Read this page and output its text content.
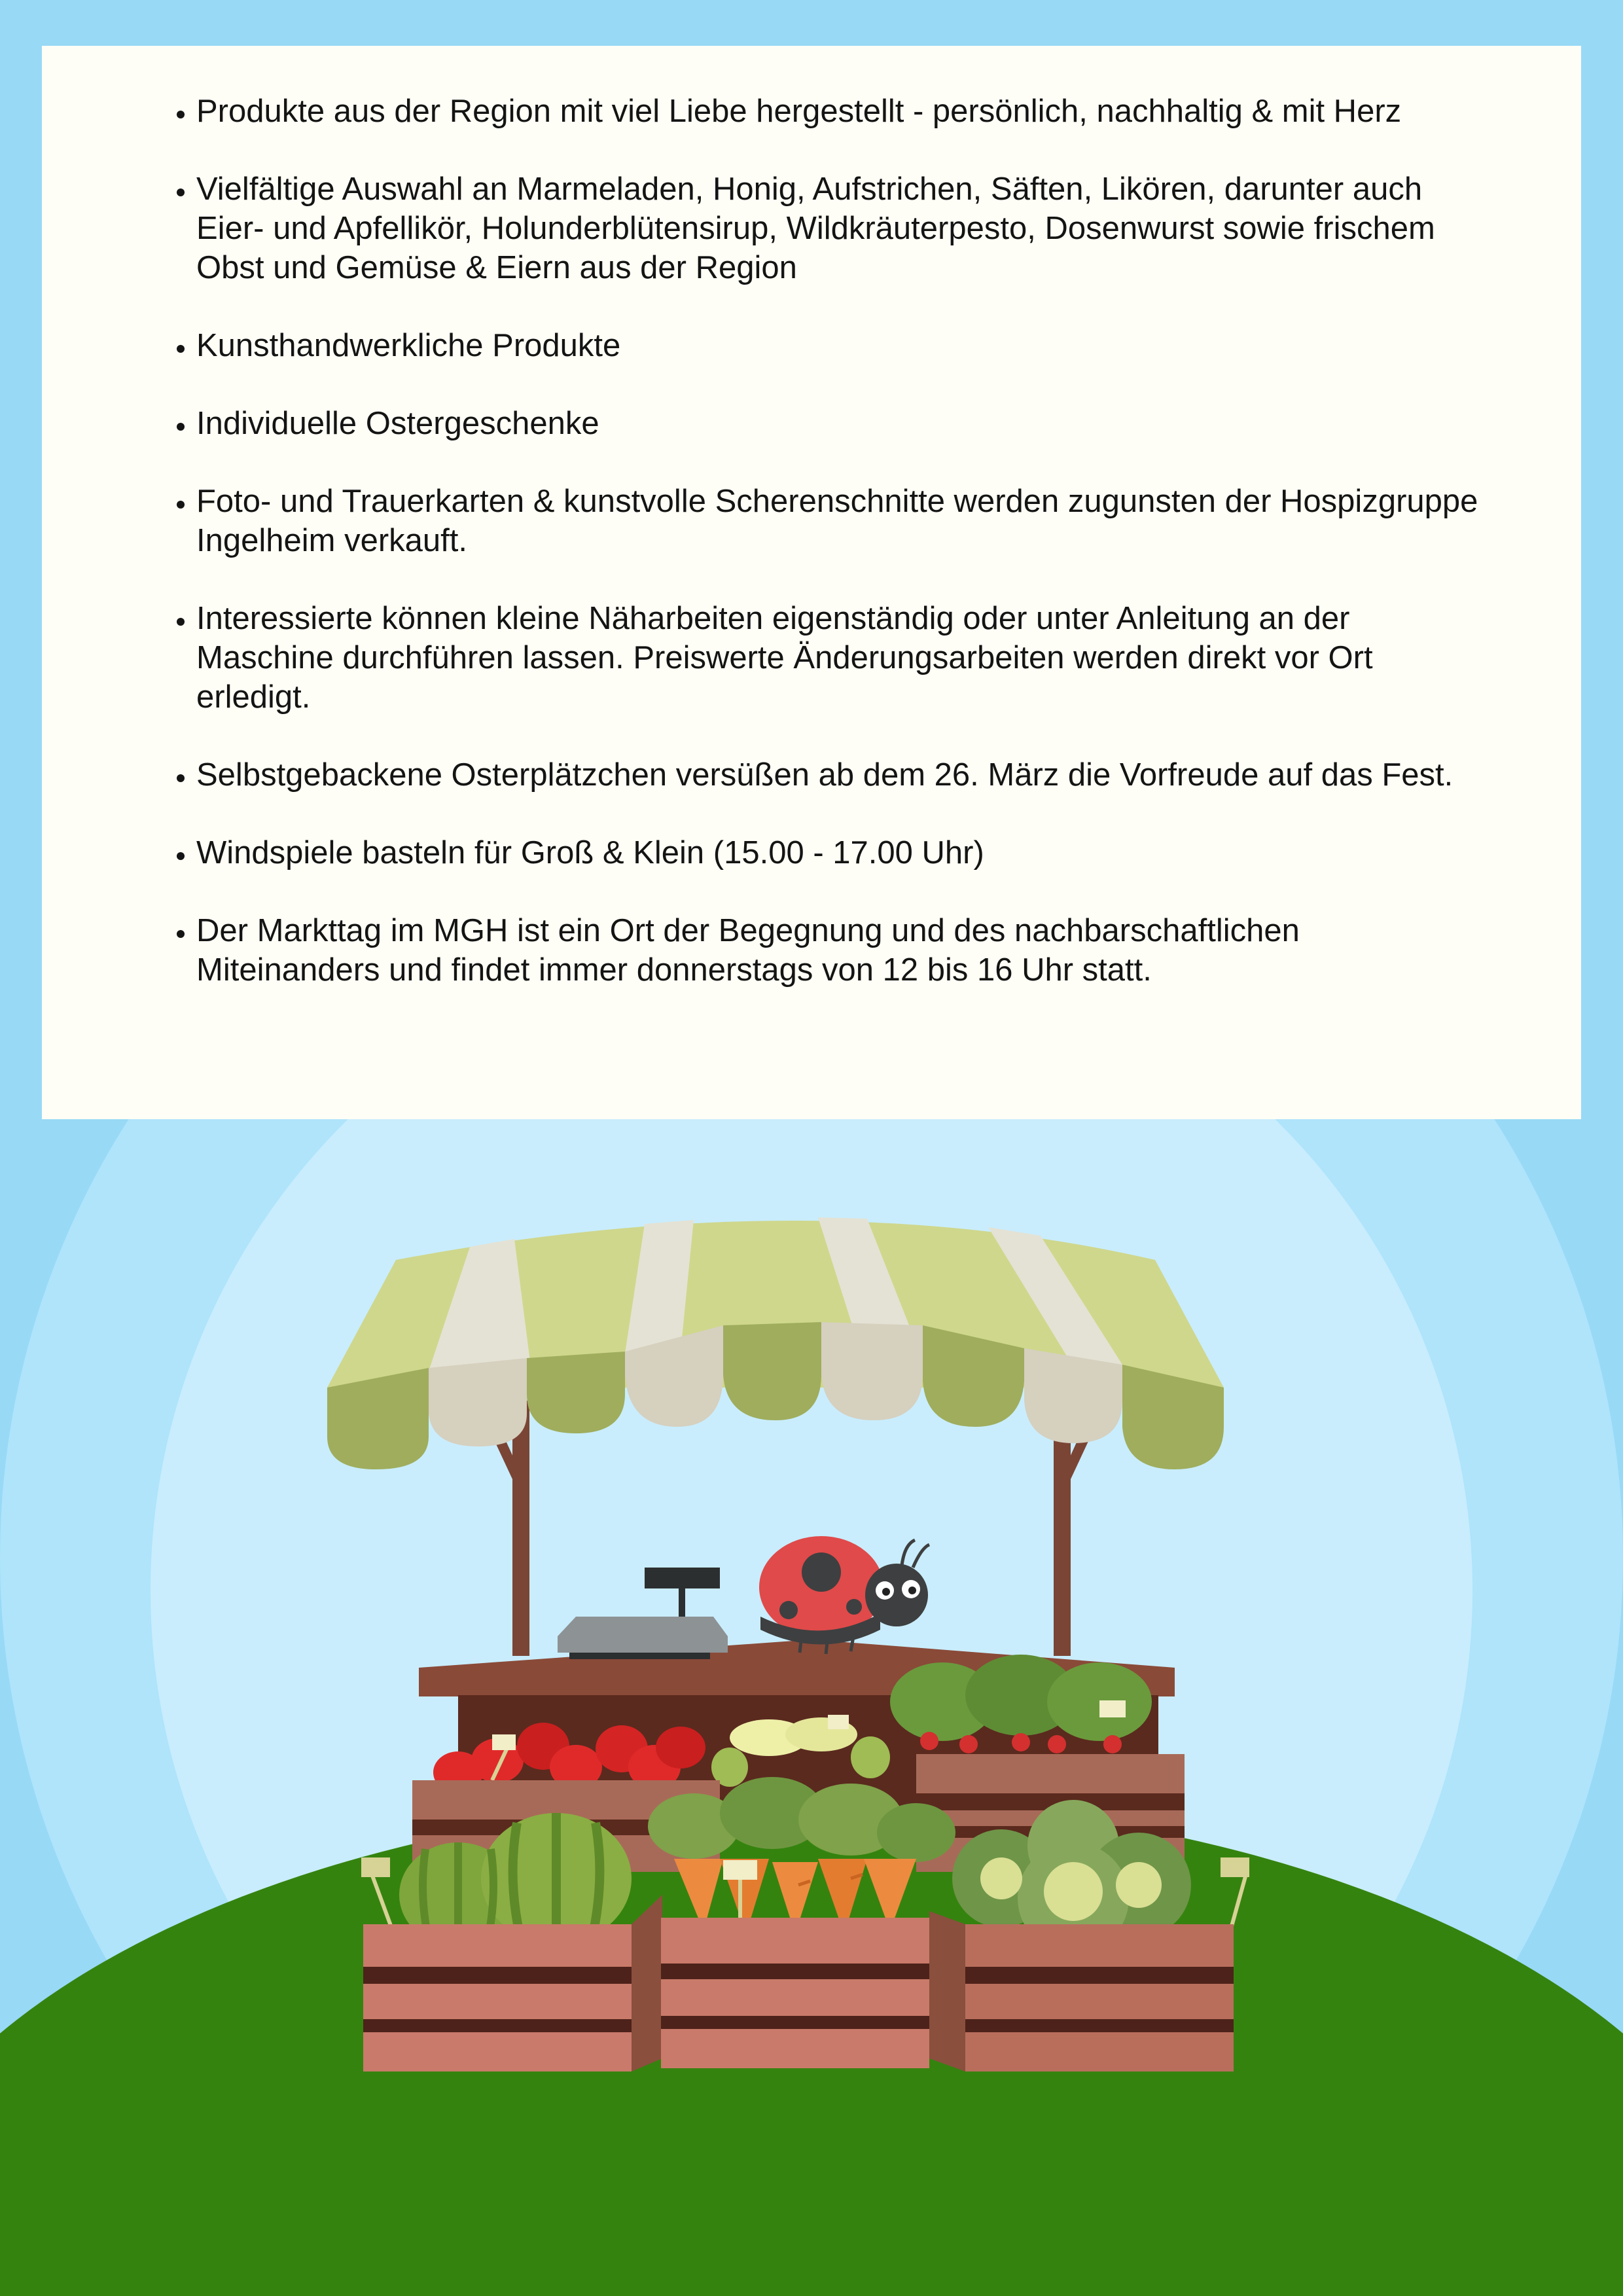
• Produkte aus der Region mit viel Liebe hergestellt - persönlich, nachhaltig & mit Herz
• Vielfältige Auswahl an Marmeladen, Honig, Aufstrichen, Säften, Likören, darunter auch Eier- und Apfellikör, Holunderblütensirup, Wildkräuterpesto, Dosenwurst sowie frischem Obst und Gemüse & Eiern aus der Region
• Kunsthandwerkliche Produkte
• Individuelle Ostergeschenke
• Foto- und Trauerkarten & kunstvolle Scherenschnitte werden zugunsten der Hospizgruppe Ingelheim verkauft.
• Interessierte können kleine Näharbeiten eigenständig oder unter Anleitung an der Maschine durchführen lassen. Preiswerte Änderungsarbeiten werden direkt vor Ort erledigt.
• Selbstgebackene Osterplätzchen versüßen ab dem 26. März die Vorfreude auf das Fest.
• Windspiele basteln für Groß & Klein (15.00 - 17.00 Uhr)
• Der Markttag im MGH ist ein Ort der Begegnung und des nachbarschaftlichen Miteinanders und findet immer donnerstags von 12 bis 16 Uhr statt.
